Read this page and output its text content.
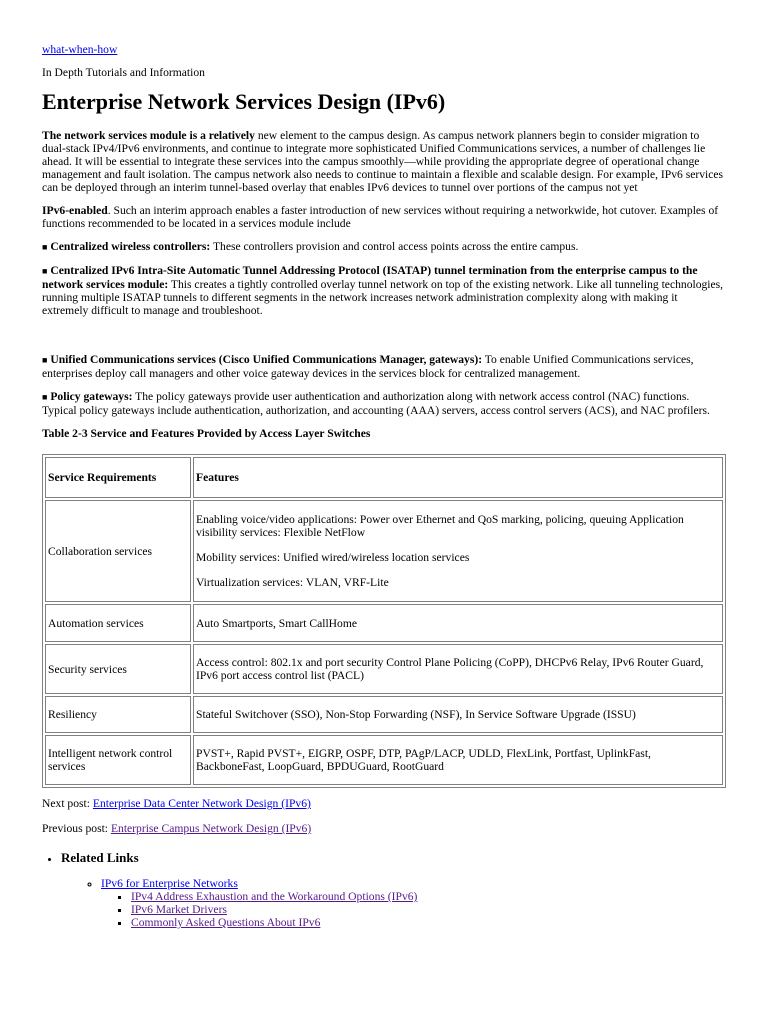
what-when-how
In Depth Tutorials and Information
Enterprise Network Services Design (IPv6)

The network services module is a relatively new element to the campus design. As campus network planners begin to consider migration to dual-stack IPv4/IPv6 environments, and continue to integrate more sophisticated Unified Communications services, a number of challenges lie ahead. It will be essential to integrate these services into the campus smoothly—while providing the appropriate degree of operational change management and fault isolation. The campus network also needs to continue to maintain a flexible and scalable design. For example, IPv6 services can be deployed through an interim tunnel-based overlay that enables IPv6 devices to tunnel over portions of the campus not yet

IPv6-enabled. Such an interim approach enables a faster introduction of new services without requiring a networkwide, hot cutover. Examples of functions recommended to be located in a services module include

■ Centralized wireless controllers: These controllers provision and control access points across the entire campus.

■ Centralized IPv6 Intra-Site Automatic Tunnel Addressing Protocol (ISATAP) tunnel termination from the enterprise campus to the network services module: This creates a tightly controlled overlay tunnel network on top of the existing network. Like all tunneling technologies, running multiple ISATAP tunnels to different segments in the network increases network administration complexity along with making it extremely difficult to manage and troubleshoot.

■ Unified Communications services (Cisco Unified Communications Manager, gateways): To enable Unified Communications services, enterprises deploy call managers and other voice gateway devices in the services block for centralized management.

■ Policy gateways: The policy gateways provide user authentication and authorization along with network access control (NAC) functions. Typical policy gateways include authentication, authorization, and accounting (AAA) servers, access control servers (ACS), and NAC profilers.

Table 2-3 Service and Features Provided by Access Layer Switches
Service Requirements	Features
Collaboration services	Enabling voice/video applications: Power over Ethernet and QoS marking, policing, queuing Application visibility services: Flexible NetFlow

Mobility services: Unified wired/wireless location services

Virtualization services: VLAN, VRF-Lite

Automation services	Auto Smartports, Smart CallHome

Security services	Access control: 802.1x and port security Control Plane Policing (CoPP), DHCPv6 Relay, IPv6 Router Guard, IPv6 port access control list (PACL)

Resiliency	Stateful Switchover (SSO), Non-Stop Forwarding (NSF), In Service Software Upgrade (ISSU)

Intelligent network control services	PVST+, Rapid PVST+, EIGRP, OSPF, DTP, PAgP/LACP, UDLD, FlexLink, Portfast, UplinkFast, BackboneFast, LoopGuard, BPDUGuard, RootGuard

Next post: Enterprise Data Center Network Design (IPv6)
Previous post: Enterprise Campus Network Design (IPv6)
• Related Links
◦ IPv6 for Enterprise Networks
▪ IPv4 Address Exhaustion and the Workaround Options (IPv6)
▪ IPv6 Market Drivers
▪ Commonly Asked Questions About IPv6
